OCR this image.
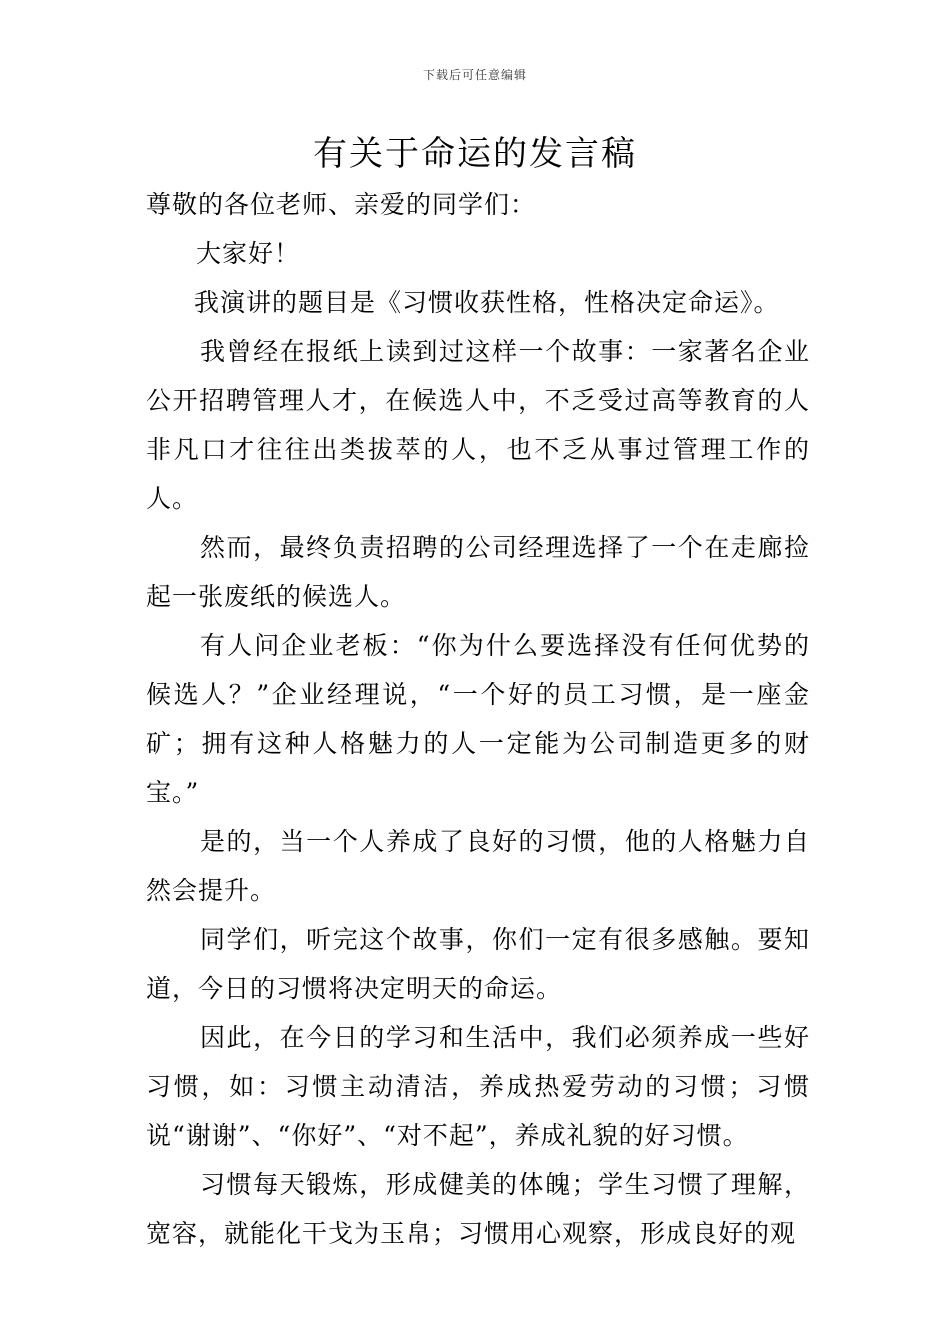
下载后可任意编辑
有关于命运的发言稿

尊敬的各位老师、亲爱的同学们：

大家好！

我演讲的题目是《习惯收获性格，性格决定命运》。

我曾经在报纸上读到过这样一个故事：一家著名企业公开招聘管理人才，在候选人中，不乏受过高等教育的人非凡口才往往出类拔萃的人，也不乏从事过管理工作的人。

然而，最终负责招聘的公司经理选择了一个在走廊捡起一张废纸的候选人。

有人问企业老板：“你为什么要选择没有任何优势的候选人？”企业经理说，“一个好的员工习惯，是一座金矿；拥有这种人格魅力的人一定能为公司制造更多的财宝。”

是的，当一个人养成了良好的习惯，他的人格魅力自然会提升。

同学们，听完这个故事，你们一定有很多感触。要知道，今日的习惯将决定明天的命运。

因此，在今日的学习和生活中，我们必须养成一些好习惯，如：习惯主动清洁，养成热爱劳动的习惯；习惯说“谢谢”、“你好”、“对不起”，养成礼貌的好习惯。

习惯每天锻炼，形成健美的体魄；学生习惯了理解，宽容，就能化干戈为玉帛；习惯用心观察，形成良好的观
